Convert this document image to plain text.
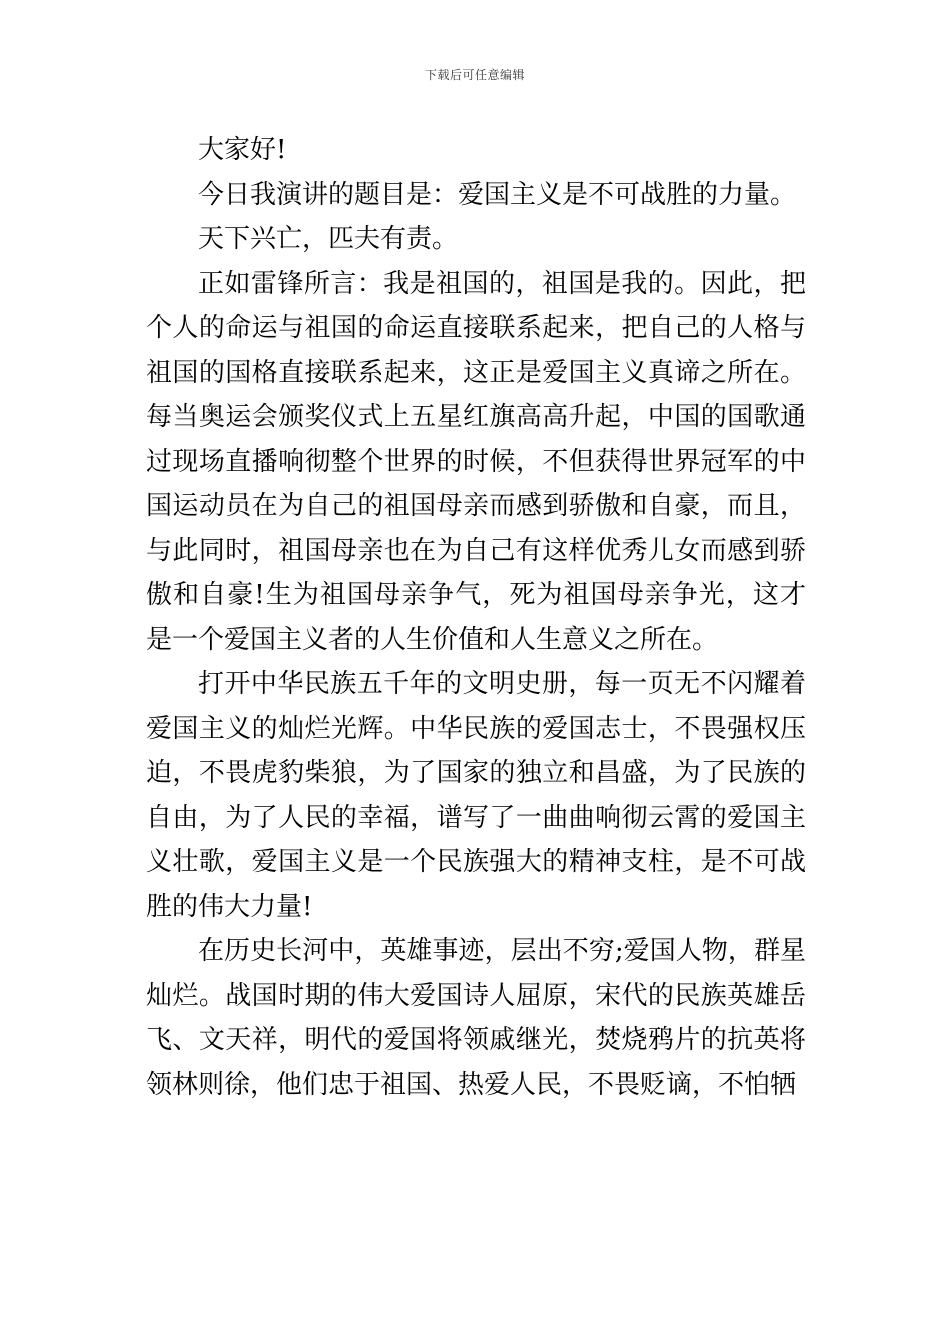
下载后可任意编辑

大家好!

今日我演讲的题目是：爱国主义是不可战胜的力量。

天下兴亡，匹夫有责。

正如雷锋所言：我是祖国的，祖国是我的。因此，把个人的命运与祖国的命运直接联系起来，把自己的人格与祖国的国格直接联系起来，这正是爱国主义真谛之所在。每当奥运会颁奖仪式上五星红旗高高升起，中国的国歌通过现场直播响彻整个世界的时候，不但获得世界冠军的中国运动员在为自己的祖国母亲而感到骄傲和自豪，而且，与此同时，祖国母亲也在为自己有这样优秀儿女而感到骄傲和自豪!生为祖国母亲争气，死为祖国母亲争光，这才是一个爱国主义者的人生价值和人生意义之所在。

打开中华民族五千年的文明史册，每一页无不闪耀着爱国主义的灿烂光辉。中华民族的爱国志士，不畏强权压迫，不畏虎豹柴狼，为了国家的独立和昌盛，为了民族的自由，为了人民的幸福，谱写了一曲曲响彻云霄的爱国主义壮歌，爱国主义是一个民族强大的精神支柱，是不可战胜的伟大力量!

在历史长河中，英雄事迹，层出不穷;爱国人物，群星灿烂。战国时期的伟大爱国诗人屈原，宋代的民族英雄岳飞、文天祥，明代的爱国将领戚继光，焚烧鸦片的抗英将领林则徐，他们忠于祖国、热爱人民，不畏贬谪，不怕牺
